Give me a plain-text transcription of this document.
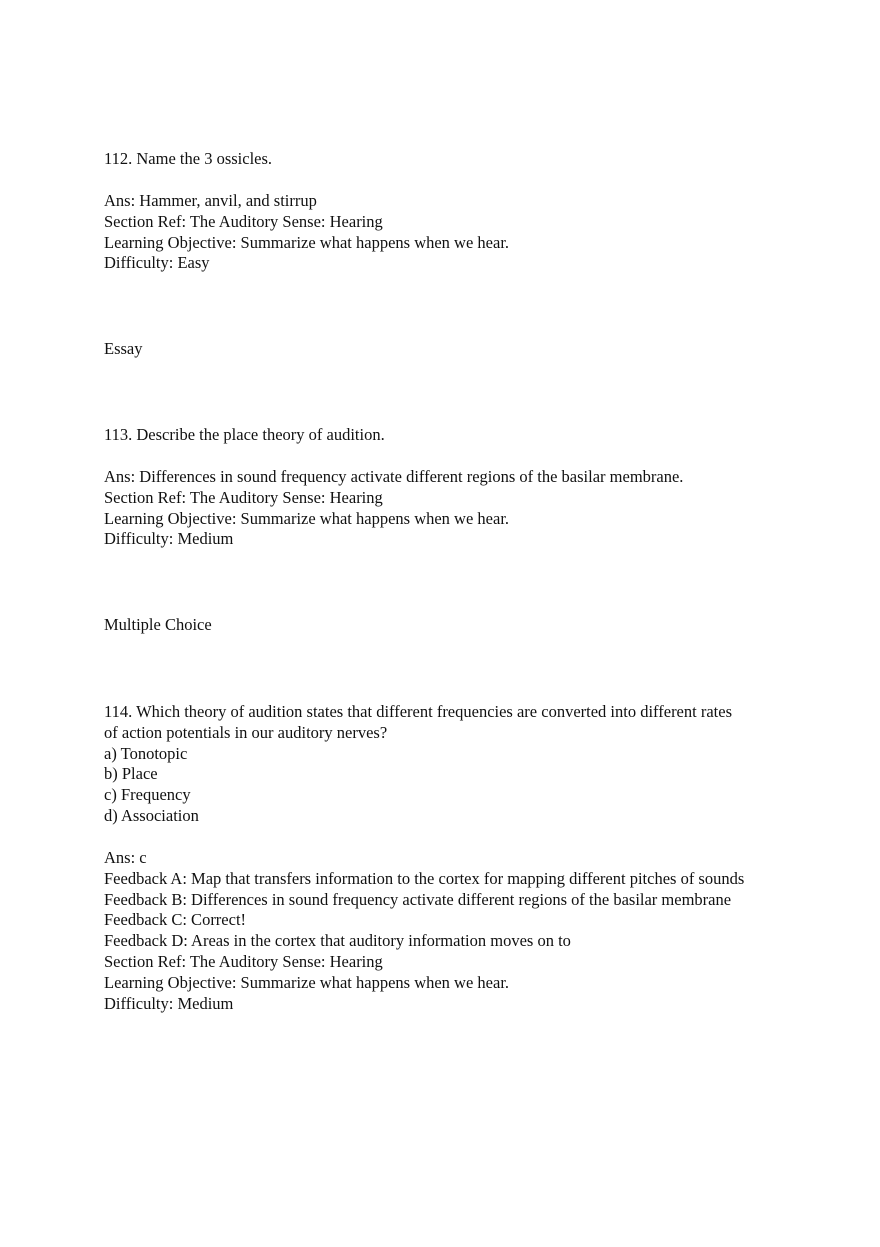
112. Name the 3 ossicles.
Ans: Hammer, anvil, and stirrup
Section Ref: The Auditory Sense: Hearing
Learning Objective: Summarize what happens when we hear.
Difficulty: Easy
Essay
113. Describe the place theory of audition.
Ans: Differences in sound frequency activate different regions of the basilar membrane.
Section Ref: The Auditory Sense: Hearing
Learning Objective: Summarize what happens when we hear.
Difficulty: Medium
Multiple Choice
114. Which theory of audition states that different frequencies are converted into different rates
of action potentials in our auditory nerves?
a) Tonotopic
b) Place
c) Frequency
d) Association
Ans: c
Feedback A: Map that transfers information to the cortex for mapping different pitches of sounds
Feedback B: Differences in sound frequency activate different regions of the basilar membrane
Feedback C: Correct!
Feedback D: Areas in the cortex that auditory information moves on to
Section Ref: The Auditory Sense: Hearing
Learning Objective: Summarize what happens when we hear.
Difficulty: Medium
